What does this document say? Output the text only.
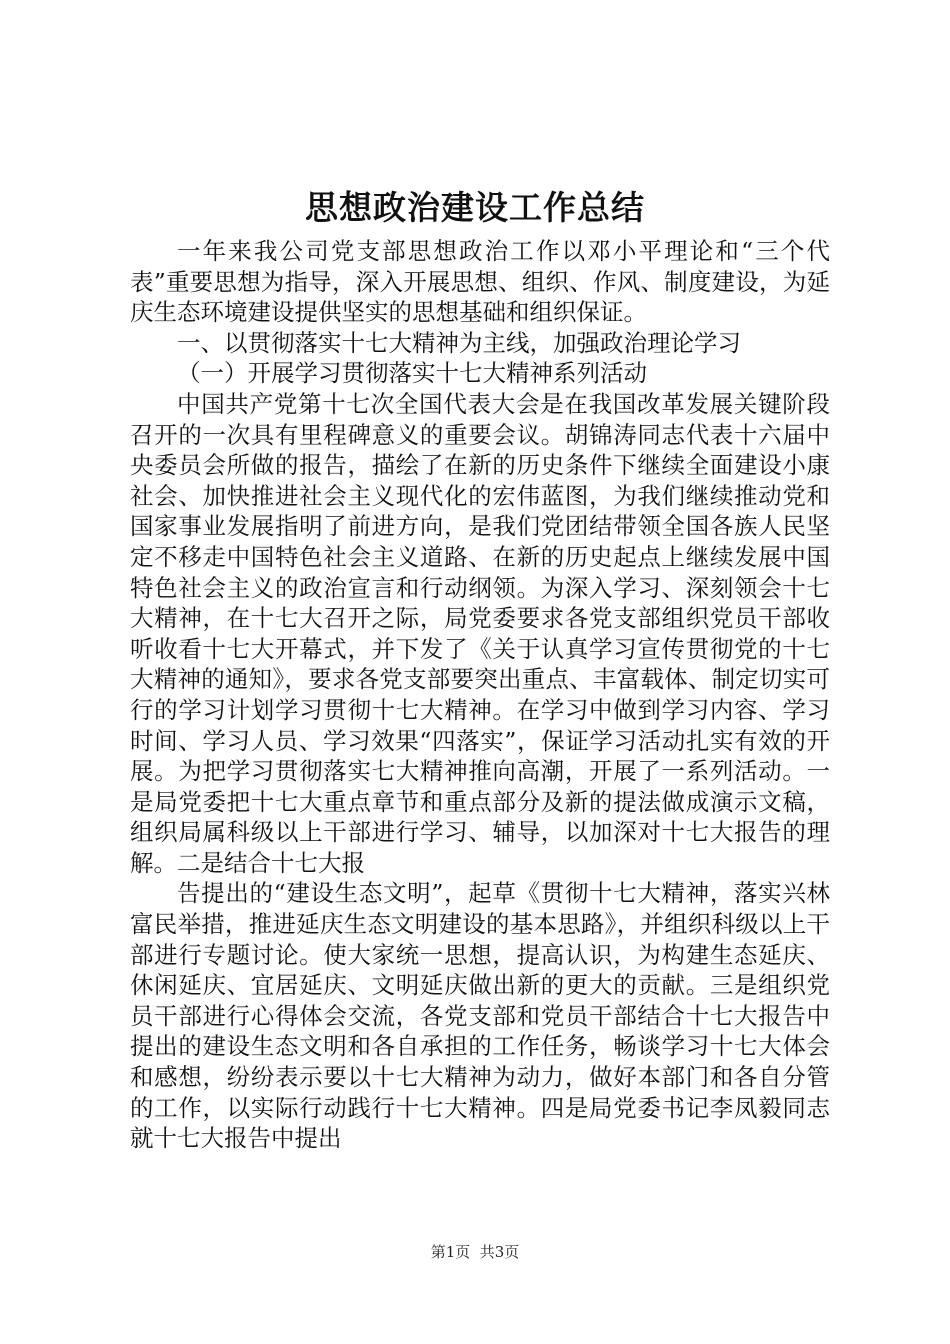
思想政治建设工作总结

一年来我公司党支部思想政治工作以邓小平理论和“三个代表”重要思想为指导，深入开展思想、组织、作风、制度建设，为延庆生态环境建设提供坚实的思想基础和组织保证。

一、以贯彻落实十七大精神为主线，加强政治理论学习

（一）开展学习贯彻落实十七大精神系列活动

中国共产党第十七次全国代表大会是在我国改革发展关键阶段召开的一次具有里程碑意义的重要会议。胡锦涛同志代表十六届中央委员会所做的报告，描绘了在新的历史条件下继续全面建设小康社会、加快推进社会主义现代化的宏伟蓝图，为我们继续推动党和国家事业发展指明了前进方向，是我们党团结带领全国各族人民坚定不移走中国特色社会主义道路、在新的历史起点上继续发展中国特色社会主义的政治宣言和行动纲领。为深入学习、深刻领会十七大精神，在十七大召开之际，局党委要求各党支部组织党员干部收听收看十七大开幕式，并下发了《关于认真学习宣传贯彻党的十七大精神的通知》，要求各党支部要突出重点、丰富载体、制定切实可行的学习计划学习贯彻十七大精神。在学习中做到学习内容、学习时间、学习人员、学习效果“四落实”，保证学习活动扎实有效的开展。为把学习贯彻落实七大精神推向高潮，开展了一系列活动。一是局党委把十七大重点章节和重点部分及新的提法做成演示文稿，组织局属科级以上干部进行学习、辅导，以加深对十七大报告的理解。二是结合十七大报

告提出的“建设生态文明”，起草《贯彻十七大精神，落实兴林富民举措，推进延庆生态文明建设的基本思路》，并组织科级以上干部进行专题讨论。使大家统一思想，提高认识，为构建生态延庆、休闲延庆、宜居延庆、文明延庆做出新的更大的贡献。三是组织党员干部进行心得体会交流，各党支部和党员干部结合十七大报告中提出的建设生态文明和各自承担的工作任务，畅谈学习十七大体会和感想，纷纷表示要以十七大精神为动力，做好本部门和各自分管的工作，以实际行动践行十七大精神。四是局党委书记李凤毅同志就十七大报告中提出

第1页  共3页
